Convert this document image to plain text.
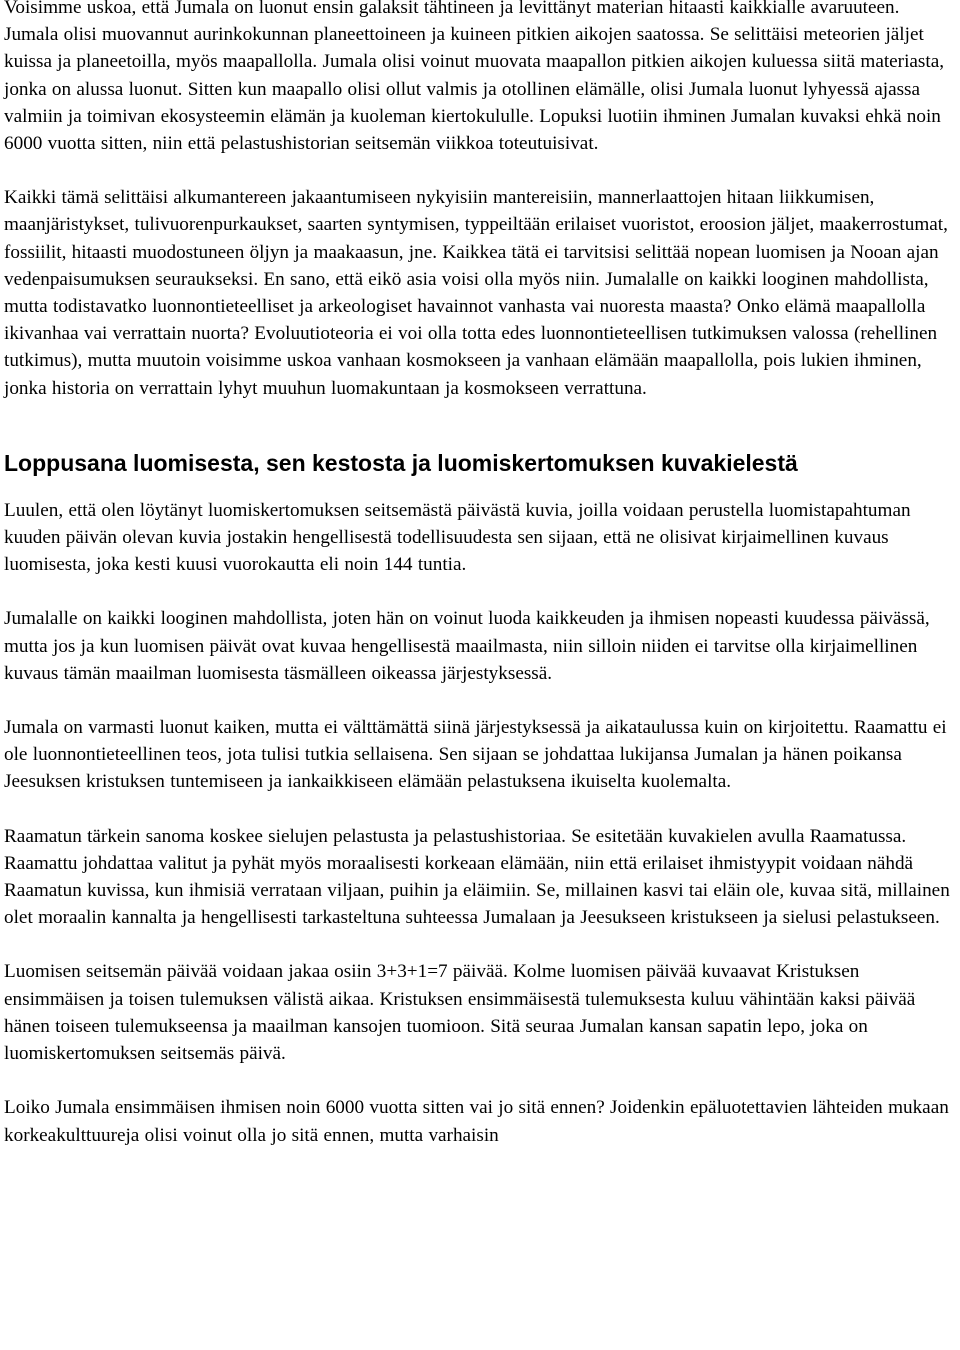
Voisimme uskoa, että Jumala on luonut ensin galaksit tähtineen ja levittänyt materian hitaasti kaikkialle avaruuteen. Jumala olisi muovannut aurinkokunnan planeettoineen ja kuineen pitkien aikojen saatossa. Se selittäisi meteorien jäljet kuissa ja planeetoilla, myös maapallolla. Jumala olisi voinut muovata maapallon pitkien aikojen kuluessa siitä materiasta, jonka on alussa luonut. Sitten kun maapallo olisi ollut valmis ja otollinen elämälle, olisi Jumala luonut lyhyessä ajassa valmiin ja toimivan ekosysteemin elämän ja kuoleman kiertokululle. Lopuksi luotiin ihminen Jumalan kuvaksi ehkä noin 6000 vuotta sitten, niin että pelastushistorian seitsemän viikkoa toteutuisivat.

Kaikki tämä selittäisi alkumantereen jakaantumiseen nykyisiin mantereisiin, mannerlaattojen hitaan liikkumisen, maanjäristykset, tulivuorenpurkaukset, saarten syntymisen, typpeiltään erilaiset vuoristot, eroosion jäljet, maakerrostumat, fossiilit, hitaasti muodostuneen öljyn ja maakaasun, jne. Kaikkea tätä ei tarvitsisi selittää nopean luomisen ja Nooan ajan vedenpaisumuksen seuraukseksi. En sano, että eikö asia voisi olla myös niin. Jumalalle on kaikki looginen mahdollista, mutta todistavatko luonnontieteelliset ja arkeologiset havainnot vanhasta vai nuoresta maasta? Onko elämä maapallolla ikivanhaa vai verrattain nuorta? Evoluutioteoria ei voi olla totta edes luonnontieteellisen tutkimuksen valossa (rehellinen tutkimus), mutta muutoin voisimme uskoa vanhaan kosmokseen ja vanhaan elämään maapallolla, pois lukien ihminen, jonka historia on verrattain lyhyt muuhun luomakuntaan ja kosmokseen verrattuna.

Loppusana luomisesta, sen kestosta ja luomiskertomuksen kuvakielestä

Luulen, että olen löytänyt luomiskertomuksen seitsemästä päivästä kuvia, joilla voidaan perustella luomistapahtuman kuuden päivän olevan kuvia jostakin hengellisestä todellisuudesta sen sijaan, että ne olisivat kirjaimellinen kuvaus luomisesta, joka kesti kuusi vuorokautta eli noin 144 tuntia.

Jumalalle on kaikki looginen mahdollista, joten hän on voinut luoda kaikkeuden ja ihmisen nopeasti kuudessa päivässä, mutta jos ja kun luomisen päivät ovat kuvaa hengellisestä maailmasta, niin silloin niiden ei tarvitse olla kirjaimellinen kuvaus tämän maailman luomisesta täsmälleen oikeassa järjestyksessä.

Jumala on varmasti luonut kaiken, mutta ei välttämättä siinä järjestyksessä ja aikataulussa kuin on kirjoitettu. Raamattu ei ole luonnontieteellinen teos, jota tulisi tutkia sellaisena. Sen sijaan se johdattaa lukijansa Jumalan ja hänen poikansa Jeesuksen kristuksen tuntemiseen ja iankaikkiseen elämään pelastuksena ikuiselta kuolemalta.

Raamatun tärkein sanoma koskee sielujen pelastusta ja pelastushistoriaa. Se esitetään kuvakielen avulla Raamatussa. Raamattu johdattaa valitut ja pyhät myös moraalisesti korkeaan elämään, niin että erilaiset ihmistyypit voidaan nähdä Raamatun kuvissa, kun ihmisiä verrataan viljaan, puihin ja eläimiin. Se, millainen kasvi tai eläin ole, kuvaa sitä, millainen olet moraalin kannalta ja hengellisesti tarkasteltuna suhteessa Jumalaan ja Jeesukseen kristukseen ja sielusi pelastukseen.

Luomisen seitsemän päivää voidaan jakaa osiin 3+3+1=7 päivää. Kolme luomisen päivää kuvaavat Kristuksen ensimmäisen ja toisen tulemuksen välistä aikaa. Kristuksen ensimmäisestä tulemuksesta kuluu vähintään kaksi päivää hänen toiseen tulemukseensa ja maailman kansojen tuomioon. Sitä seuraa Jumalan kansan sapatin lepo, joka on luomiskertomuksen seitsemäs päivä.

Loiko Jumala ensimmäisen ihmisen noin 6000 vuotta sitten vai jo sitä ennen? Joidenkin epäluotettavien lähteiden mukaan korkeakulttuureja olisi voinut olla jo sitä ennen, mutta varhaisin
